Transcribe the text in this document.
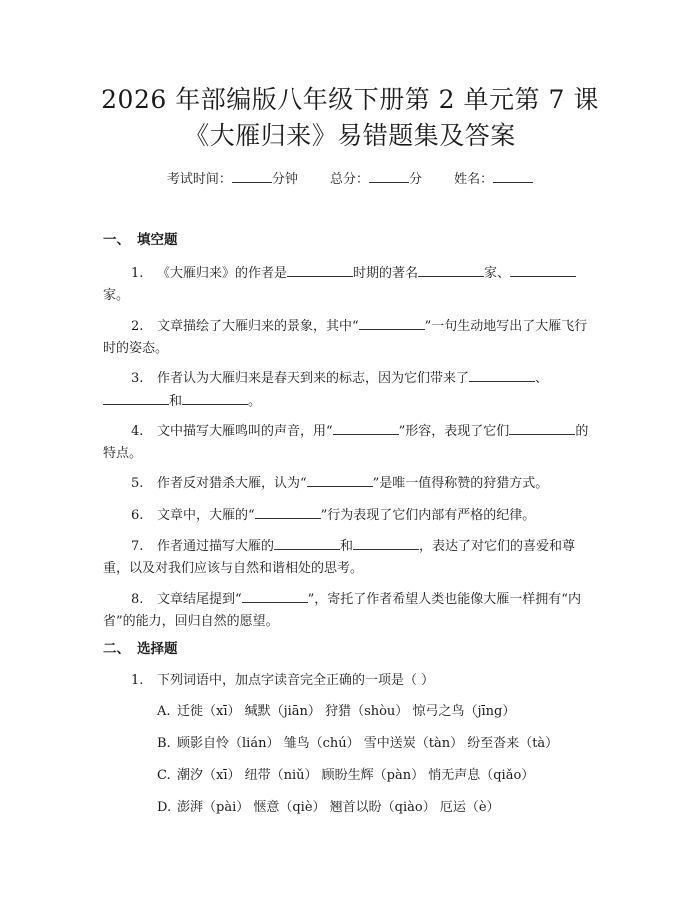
2026 年部编版八年级下册第 2 单元第 7 课
《大雁归来》易错题集及答案
考试时间：	分钟 总分：	分 姓名：
一、 填空题
1. 《大雁归来》的作者是	时期的著名	家、家。
2. 文章描绘了大雁归来的景象，其中“	”一句生动地写出了大雁飞行时的姿态。
3. 作者认为大雁归来是春天到来的标志，因为它们带来了	、和	。
4. 文中描写大雁鸣叫的声音，用“	”形容，表现了它们	的特点。
5. 作者反对猎杀大雁，认为“	”是唯一值得称赞的狩猎方式。
6. 文章中，大雁的“	”行为表现了它们内部有严格的纪律。
7. 作者通过描写大雁的	和	，表达了对它们的喜爱和尊重，以及对我们应该与自然和谐相处的思考。
8. 文章结尾提到“	”，寄托了作者希望人类也能像大雁一样拥有“内省”的能力，回归自然的愿望。
二、 选择题
1. 下列词语中，加点字读音完全正确的一项是（ ）
A. 迁徙（xī） 缄默（jiān） 狩猎（shòu） 惊弓之鸟（jīng）
B. 顾影自怜（lián） 雏鸟（chú） 雪中送炭（tàn） 纷至沓来（tà）
C. 潮汐（xī） 纽带（niǔ） 顾盼生辉（pàn） 悄无声息（qiǎo）
D. 澎湃（pài） 惬意（qiè） 翘首以盼（qiào） 厄运（è）
